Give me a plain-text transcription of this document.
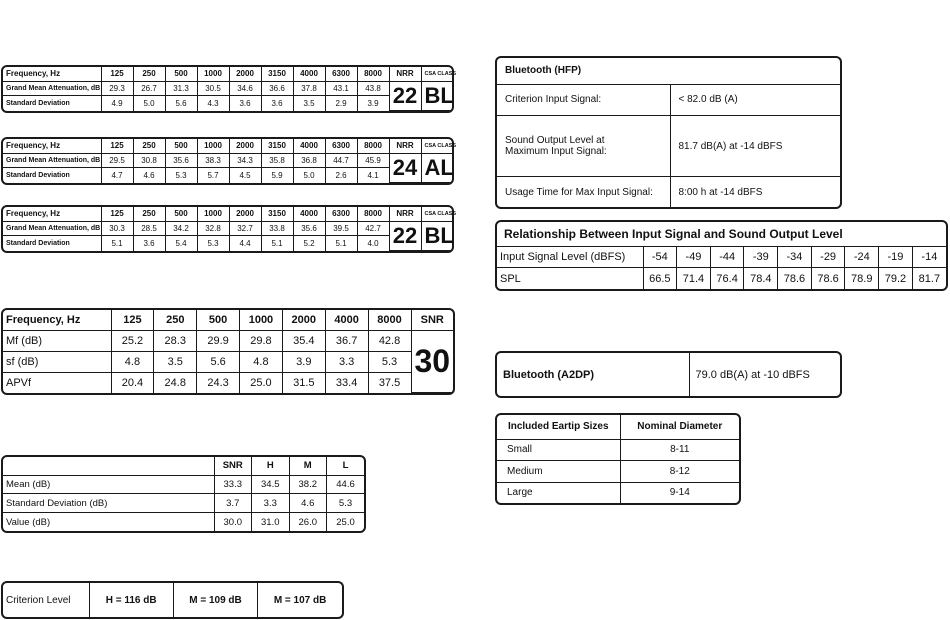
Frequency, Hz	125	250	500	1000	2000	3150	4000	6300	8000	NRR	CSA CLASS
Grand Mean Attenuation, dB	29.3	26.7	31.3	30.5	34.6	36.6	37.8	43.1	43.8	22	BL
Standard Deviation	4.9	5.0	5.6	4.3	3.6	3.6	3.5	2.9	3.9		
Frequency, Hz	125	250	500	1000	2000	3150	4000	6300	8000	NRR	CSA CLASS
Grand Mean Attenuation, dB	29.5	30.8	35.6	38.3	34.3	35.8	36.8	44.7	45.9	24	AL
Standard Deviation	4.7	4.6	5.3	5.7	4.5	5.9	5.0	2.6	4.1		
Frequency, Hz	125	250	500	1000	2000	3150	4000	6300	8000	NRR	CSA CLASS
Grand Mean Attenuation, dB	30.3	28.5	34.2	32.8	32.7	33.8	35.6	39.5	42.7	22	BL
Standard Deviation	5.1	3.6	5.4	5.3	4.4	5.1	5.2	5.1	4.0		
Frequency, Hz	125	250	500	1000	2000	4000	8000	SNR
Mf (dB)	25.2	28.3	29.9	29.8	35.4	36.7	42.8	30
sf (dB)	4.8	3.5	5.6	4.8	3.9	3.3	5.3	
APVf	20.4	24.8	24.3	25.0	31.5	33.4	37.5	
	SNR	H	M	L
Mean (dB)	33.3	34.5	38.2	44.6
Standard Deviation (dB)	3.7	3.3	4.6	5.3
Value (dB)	30.0	31.0	26.0	25.0
Criterion Level	H = 116 dB	M = 109 dB	M = 107 dB
Bluetooth (HFP)	
Criterion Input Signal:	< 82.0 dB (A)

Sound Output Level at
Maximum Input Signal:	81.7 dB(A) at -14 dBFS
Usage Time for Max Input Signal:	8:00 h at -14 dBFS
Relationship Between Input Signal and Sound Output Level									
Input Signal Level (dBFS)	-54	-49	-44	-39	-34	-29	-24	-19	-14
SPL	66.5	71.4	76.4	78.4	78.6	78.6	78.9	79.2	81.7
Bluetooth (A2DP)	79.0 dB(A) at -10 dBFS
Included Eartip Sizes	Nominal Diameter
Small	8-11
Medium	8-12
Large	9-14
